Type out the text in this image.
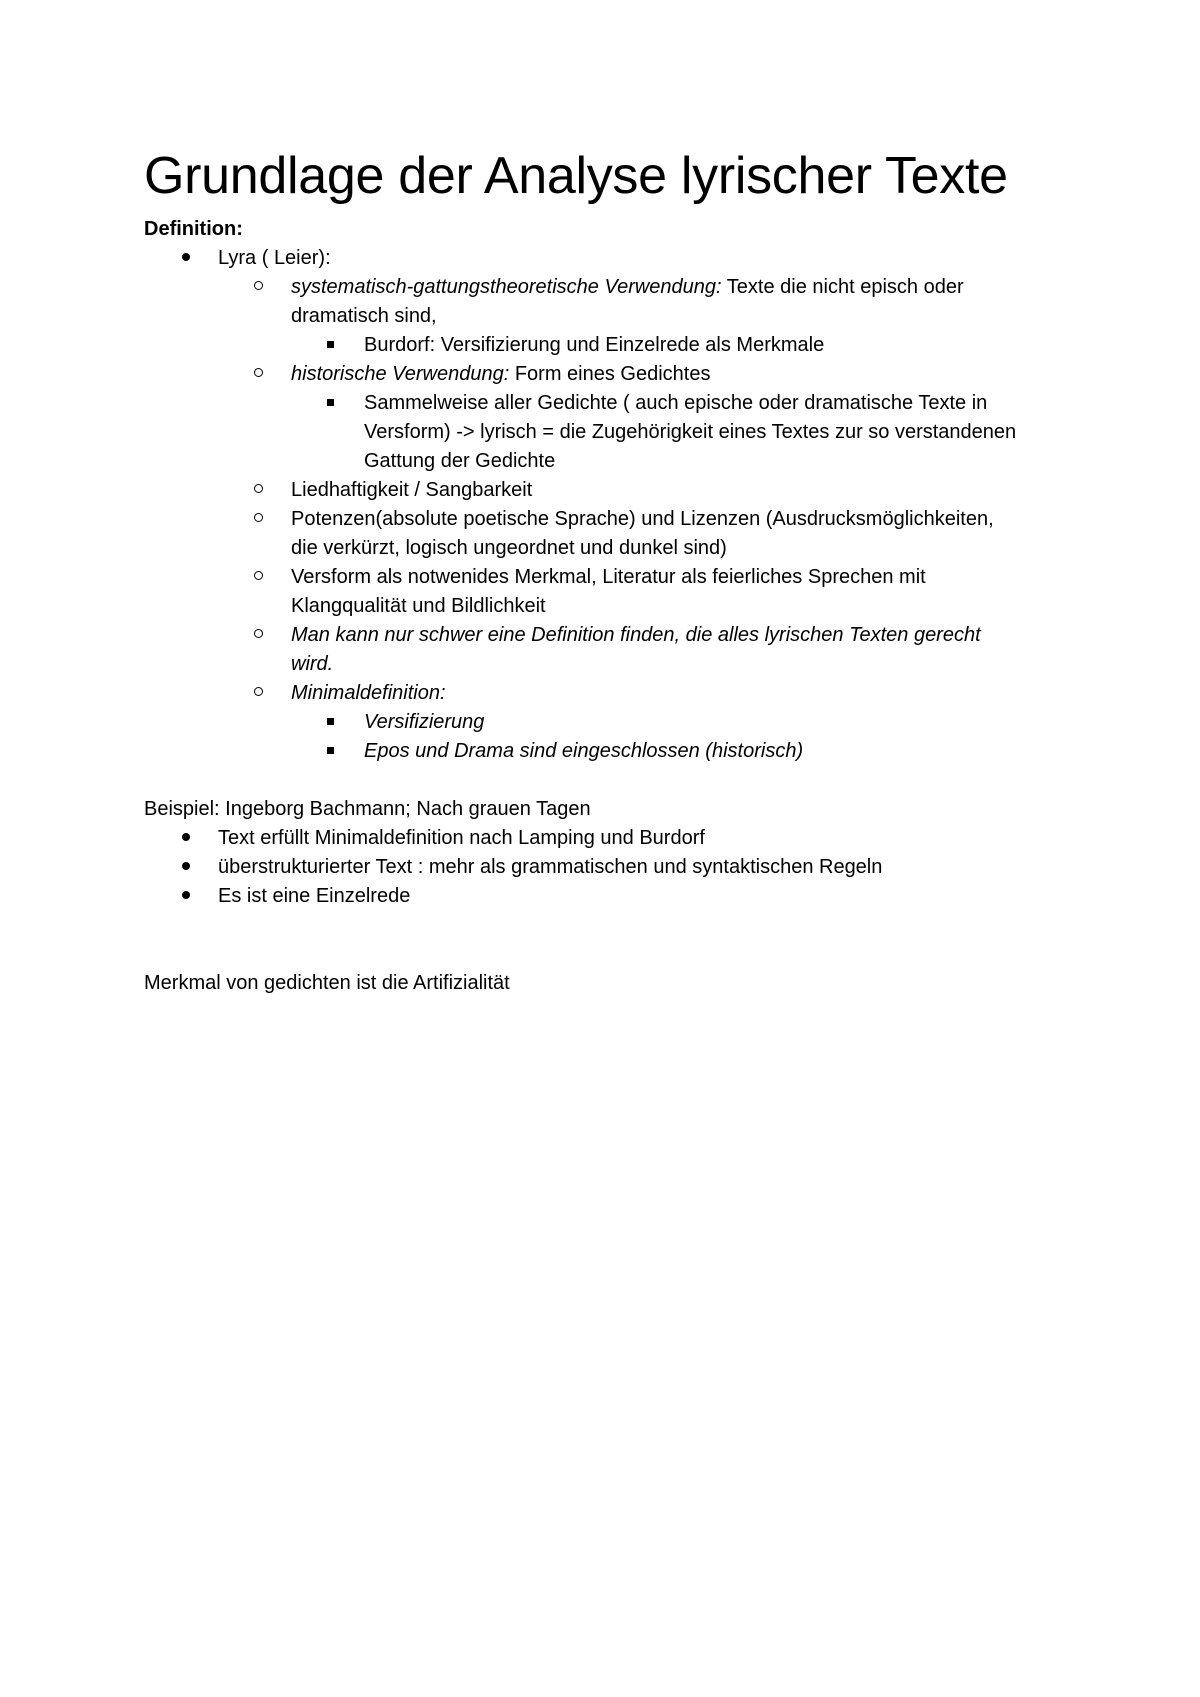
Grundlage der Analyse lyrischer Texte
Definition:
Lyra ( Leier):
systematisch-gattungstheoretische Verwendung: Texte die nicht episch oder dramatisch sind,
Burdorf: Versifizierung und Einzelrede als Merkmale
historische Verwendung: Form eines Gedichtes
Sammelweise aller Gedichte ( auch epische oder dramatische Texte in Versform) -> lyrisch = die Zugehörigkeit eines Textes zur so verstandenen Gattung der Gedichte
Liedhaftigkeit / Sangbarkeit
Potenzen(absolute poetische Sprache) und Lizenzen (Ausdrucksmöglichkeiten, die verkürzt, logisch ungeordnet und dunkel sind)
Versform als notwenides Merkmal, Literatur als feierliches Sprechen mit Klangqualität und Bildlichkeit
Man kann nur schwer eine Definition finden, die alles lyrischen Texten gerecht wird.
Minimaldefinition:
Versifizierung
Epos und Drama sind eingeschlossen (historisch)
Beispiel: Ingeborg Bachmann; Nach grauen Tagen
Text erfüllt Minimaldefinition nach Lamping und Burdorf
überstrukturierter Text : mehr als grammatischen und syntaktischen Regeln
Es ist eine Einzelrede
Merkmal von gedichten ist die Artifizialität
